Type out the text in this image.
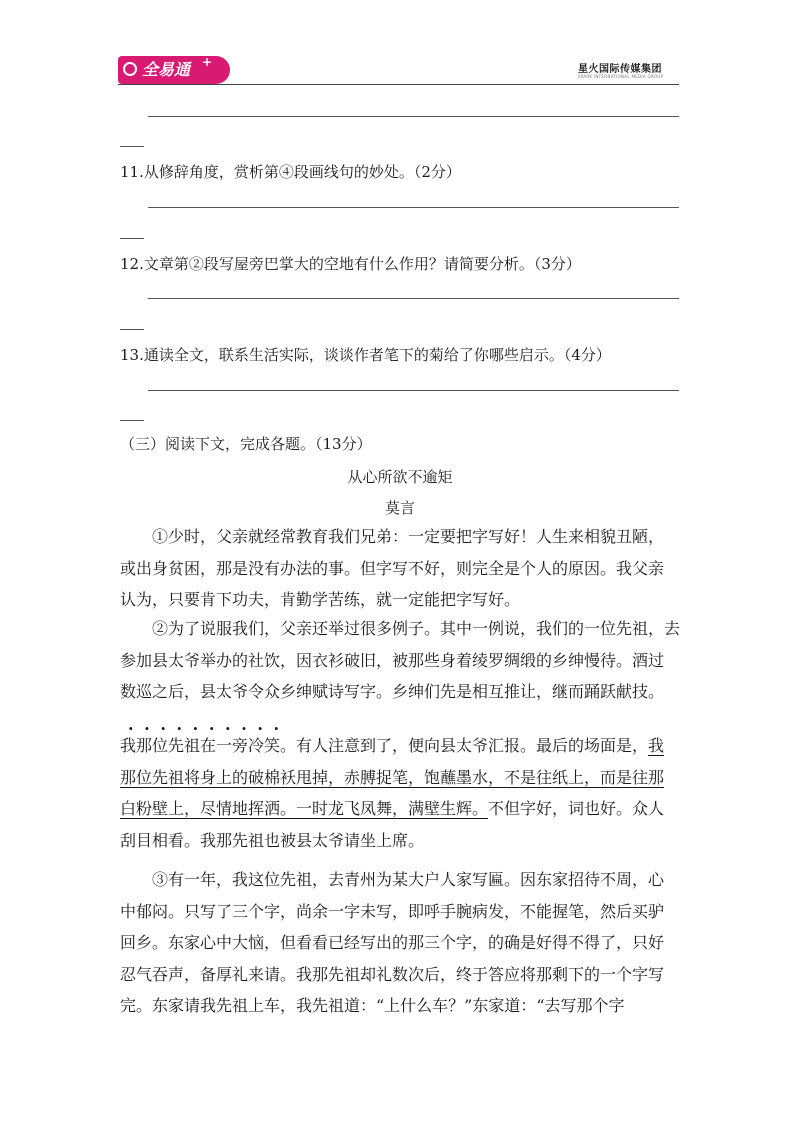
全易通 +
星火国际传媒集团
SPARK INTERNATIONAL MEDIA GROUP
11.从修辞角度，赏析第④段画线句的妙处。（2分）
12.文章第②段写屋旁巴掌大的空地有什么作用？请简要分析。（3分）
13.通读全文，联系生活实际，谈谈作者笔下的菊给了你哪些启示。（4分）
（三）阅读下文，完成各题。（13分）
从心所欲不逾矩
莫言
①少时，父亲就经常教育我们兄弟：一定要把字写好！人生来相貌丑陋，
或出身贫困，那是没有办法的事。但字写不好，则完全是个人的原因。我父亲
认为，只要肯下功夫，肯勤学苦练，就一定能把字写好。
②为了说服我们，父亲还举过很多例子。其中一例说，我们的一位先祖，去
参加县太爷举办的社饮，因衣衫破旧，被那些身着绫罗绸缎的乡绅慢待。酒过
数巡之后，县太爷令众乡绅赋诗写字。乡绅们先是相互推让，继而踊跃献技。
..........
我那位先祖在一旁冷笑。有人注意到了，便向县太爷汇报。最后的场面是，我
那位先祖将身上的破棉袄甩掉，赤膊捉笔，饱蘸墨水，不是往纸上，而是往那
白粉壁上，尽情地挥洒。一时龙飞凤舞，满壁生辉。不但字好，词也好。众人
刮目相看。我那先祖也被县太爷请坐上席。
③有一年，我这位先祖，去青州为某大户人家写匾。因东家招待不周，心
中郁闷。只写了三个字，尚余一字未写，即呼手腕病发，不能握笔，然后买驴
回乡。东家心中大恼，但看看已经写出的那三个字，的确是好得不得了，只好
忍气吞声，备厚礼来请。我那先祖却礼数次后，终于答应将那剩下的一个字写
完。东家请我先祖上车，我先祖道：“上什么车？”东家道：“去写那个字
